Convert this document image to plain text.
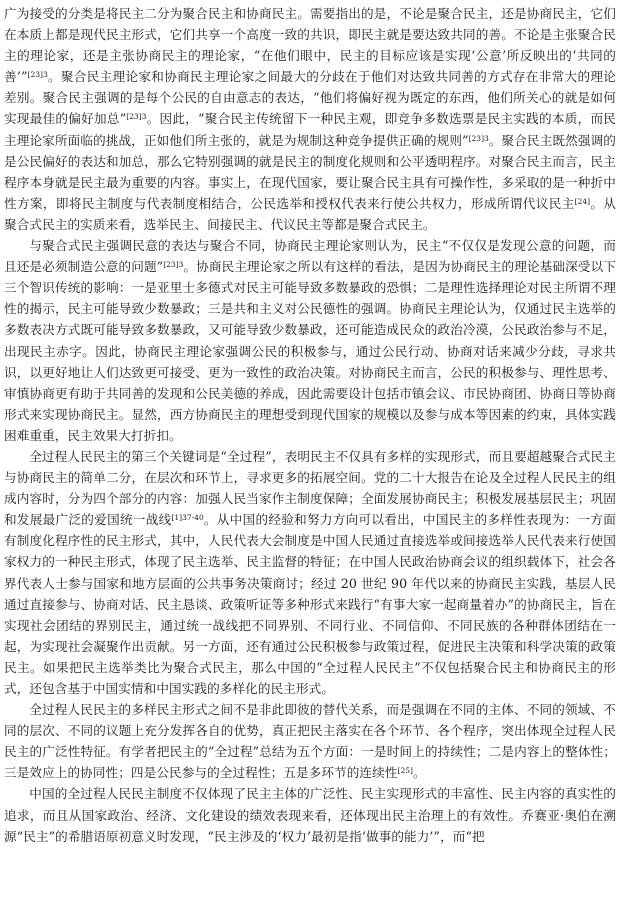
广为接受的分类是将民主二分为聚合民主和协商民主。需要指出的是，不论是聚合民主，还是协商民主，它们在本质上都是现代民主形式，它们共享一个高度一致的共识，即民主就是要达致共同的善。不论是主张聚合民主的理论家，还是主张协商民主的理论家，“在他们眼中，民主的目标应该是实现‘公意’所反映出的‘共同的善’”$^{[23]3}$。聚合民主理论家和协商民主理论家之间最大的分歧在于他们对达致共同善的方式存在非常大的理论差别。聚合民主强调的是每个公民的自由意志的表达，“他们将偏好视为既定的东西，他们所关心的就是如何实现最佳的偏好加总”$^{[23]3}$。因此，“聚合民主传统留下一种民主观，即竞争多数选票是民主实践的本质，而民主理论家所面临的挑战，正如他们所主张的，就是为规制这种竞争提供正确的规则”$^{[23]3}$。聚合民主既然强调的是公民偏好的表达和加总，那么它特别强调的就是民主的制度化规则和公平透明程序。对聚合民主而言，民主程序本身就是民主最为重要的内容。事实上，在现代国家，要让聚合民主具有可操作性，多采取的是一种折中性方案，即将民主制度与代表制度相结合，公民选举和授权代表来行使公共权力，形成所谓代议民主[24]。从聚合式民主的实质来看，选举民主、间接民主、代议民主等都是聚合式民主。

与聚合式民主强调民意的表达与聚合不同，协商民主理论家则认为，民主“不仅仅是发现公意的问题，而且还是必须制造公意的问题”$^{[23]3}$。协商民主理论家之所以有这样的看法，是因为协商民主的理论基础深受以下三个智识传统的影响：一是亚里士多德式对民主可能导致多数暴政的恐惧；二是理性选择理论对民主所谓不理性的揭示，民主可能导致少数暴政；三是共和主义对公民德性的强调。协商民主理论认为，仅通过民主选举的多数表决方式既可能导致多数暴政，又可能导致少数暴政，还可能造成民众的政治冷漠，公民政治参与不足，出现民主赤字。因此，协商民主理论家强调公民的积极参与，通过公民行动、协商对话来减少分歧，寻求共识，以更好地让人们达致更可接受、更为一致性的政治决策。对协商民主而言，公民的积极参与、理性思考、审慎协商更有助于共同善的发现和公民美德的养成，因此需要设计包括市镇会议、市民协商团、协商日等协商形式来实现协商民主。显然，西方协商民主的理想受到现代国家的规模以及参与成本等因素的约束，具体实践困难重重，民主效果大打折扣。

全过程人民民主的第三个关键词是“全过程”，表明民主不仅具有多样的实现形式，而且要超越聚合式民主与协商民主的简单二分，在层次和环节上，寻求更多的拓展空间。党的二十大报告在论及全过程人民民主的组成内容时，分为四个部分的内容：加强人民当家作主制度保障；全面发展协商民主；积极发展基层民主；巩固和发展最广泛的爱国统一战线$^{[1]37-40}$。从中国的经验和努力方向可以看出，中国民主的多样性表现为：一方面有制度化程序性的民主形式，其中，人民代表大会制度是中国人民通过直接选举或间接选举人民代表来行使国家权力的一种民主形式，体现了民主选举、民主监督的特征；在中国人民政治协商会议的组织载体下，社会各界代表人士参与国家和地方层面的公共事务决策商讨；经过 20 世纪 90 年代以来的协商民主实践，基层人民通过直接参与、协商对话、民主恳谈、政策听证等多种形式来践行“有事大家一起商量着办”的协商民主，旨在实现社会团结的界别民主，通过统一战线把不同界别、不同行业、不同信仰、不同民族的各种群体团结在一起，为实现社会凝聚作出贡献。另一方面，还有通过公民积极参与政策过程，促进民主决策和科学决策的政策民主。如果把民主选举类比为聚合式民主，那么中国的“全过程人民民主”不仅包括聚合民主和协商民主的形式，还包含基于中国实情和中国实践的多样化的民主形式。

全过程人民民主的多样民主形式之间不是非此即彼的替代关系，而是强调在不同的主体、不同的领域、不同的层次、不同的议题上充分发挥各自的优势，真正把民主落实在各个环节、各个程序，突出体现全过程人民民主的广泛性特征。有学者把民主的“全过程”总结为五个方面：一是时间上的持续性；二是内容上的整体性；三是效应上的协同性；四是公民参与的全过程性；五是多环节的连续性[25]。

中国的全过程人民民主制度不仅体现了民主主体的广泛性、民主实现形式的丰富性、民主内容的真实性的追求，而且从国家政治、经济、文化建设的绩效表现来看，还体现出民主治理上的有效性。乔赛亚·奥伯在溯源“民主”的希腊语原初意义时发现，“民主涉及的‘权力’最初是指‘做事的能力’”，而“把
